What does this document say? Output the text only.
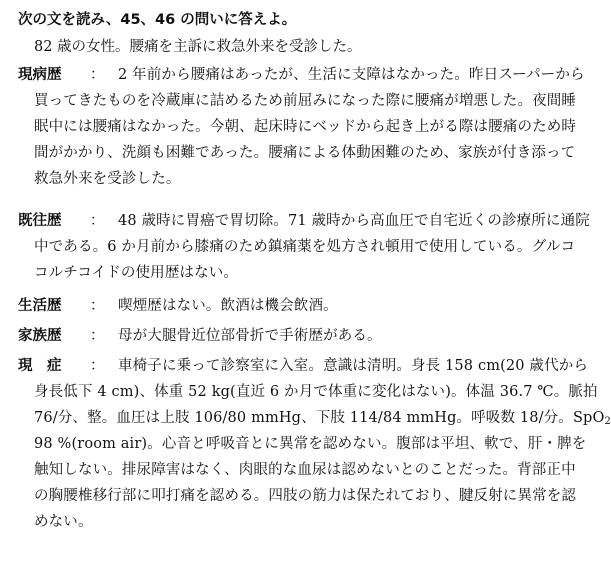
次の文を読み、45、46 の問いに答えよ。
82 歳の女性。腰痛を主訴に救急外来を受診した。
現病歴 ： 2 年前から腰痛はあったが、生活に支障はなかった。昨日スーパーから
買ってきたものを冷蔵庫に詰めるため前屈みになった際に腰痛が増悪した。夜間睡
眠中には腰痛はなかった。今朝、起床時にベッドから起き上がる際は腰痛のため時
間がかかり、洗顔も困難であった。腰痛による体動困難のため、家族が付き添って
救急外来を受診した。
既往歴 ： 48 歳時に胃癌で胃切除。71 歳時から高血圧で自宅近くの診療所に通院
中である。6 か月前から膝痛のため鎮痛薬を処方され頓用で使用している。グルコ
コルチコイドの使用歴はない。
生活歴 ： 喫煙歴はない。飲酒は機会飲酒。
家族歴 ： 母が大腿骨近位部骨折で手術歴がある。
現　症 ： 車椅子に乗って診察室に入室。意識は清明。身長 158 cm(20 歳代から
身長低下 4 cm)、体重 52 kg(直近 6 か月で体重に変化はない)。体温 36.7 ℃。脈拍
76/分、整。血圧は上肢 106/80 mmHg、下肢 114/84 mmHg。呼吸数 18/分。SpO$_2$
98 %(room air)。心音と呼吸音とに異常を認めない。腹部は平坦、軟で、肝・脾を
触知しない。排尿障害はなく、肉眼的な血尿は認めないとのことだった。背部正中
の胸腰椎移行部に叩打痛を認める。四肢の筋力は保たれており、腱反射に異常を認
めない。
